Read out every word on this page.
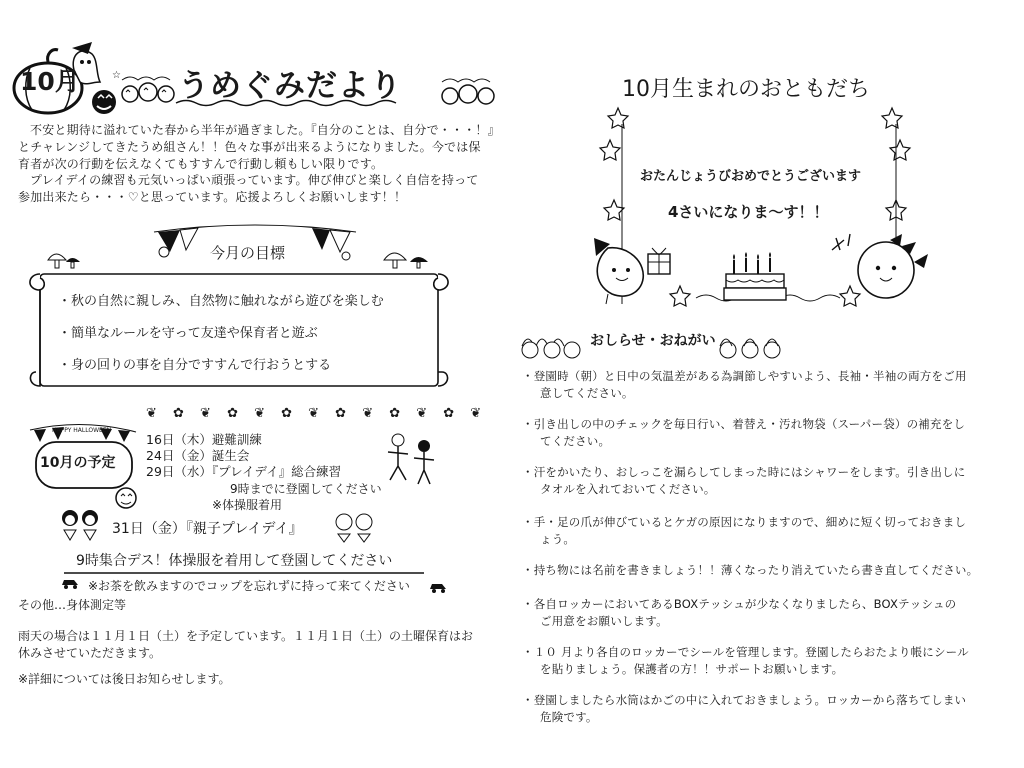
☆
10月	うめぐみだより
不安と期待に溢れていた春から半年が過ぎました。『自分のことは、自分で・・・！』
とチャレンジしてきたうめ組さん！！色々な事が出来るようになりました。今では保
育者が次の行動を伝えなくてもすすんで行動し頼もしい限りです。
プレイデイの練習も元気いっぱい頑張っています。伸び伸びと楽しく自信を持って
参加出来たら・・・♡と思っています。応援よろしくお願いします！！
今月の目標
・秋の自然に親しみ、自然物に触れながら遊びを楽しむ
・簡単なルールを守って友達や保育者と遊ぶ
・身の回りの事を自分ですすんで行おうとする
❦ ✿ ❦ ✿ ❦ ✿ ❦ ✿ ❦ ✿ ❦ ✿ ❦
HAPPY HALLOWEEN
10月の予定
16日（木）避難訓練
24日（金）誕生会
29日（水）『プレイデイ』総合練習
9時までに登園してください
※体操服着用
31日（金）『親子プレイデイ』
9時集合デス！体操服を着用して登園してください
※お茶を飲みますのでコップを忘れずに持って来てください
その他…身体測定等
雨天の場合は１１月１日（土）を予定しています。１１月１日（土）の土曜保育はお
休みさせていただきます。
※詳細については後日お知らせします。
10月生まれのおともだち
おたんじょうびおめでとうございます
4さいになりま～す！！
おしらせ・おねがい
・登園時（朝）と日中の気温差がある為調節しやすいよう、長袖・半袖の両方をご用
意してください。
・引き出しの中のチェックを毎日行い、着替え・汚れ物袋（スーパー袋）の補充をし
てください。
・汗をかいたり、おしっこを漏らしてしまった時にはシャワーをします。引き出しに
タオルを入れておいてください。
・手・足の爪が伸びているとケガの原因になりますので、細めに短く切っておきまし
ょう。
・持ち物には名前を書きましょう！！薄くなったり消えていたら書き直してください。
・各自ロッカーにおいてあるBOXテッシュが少なくなりましたら、BOXテッシュの
ご用意をお願いします。
・１０ 月より各自のロッカーでシールを管理します。登園したらおたより帳にシール
を貼りましょう。保護者の方！！サポートお願いします。
・登園しましたら水筒はかごの中に入れておきましょう。ロッカーから落ちてしまい
危険です。
